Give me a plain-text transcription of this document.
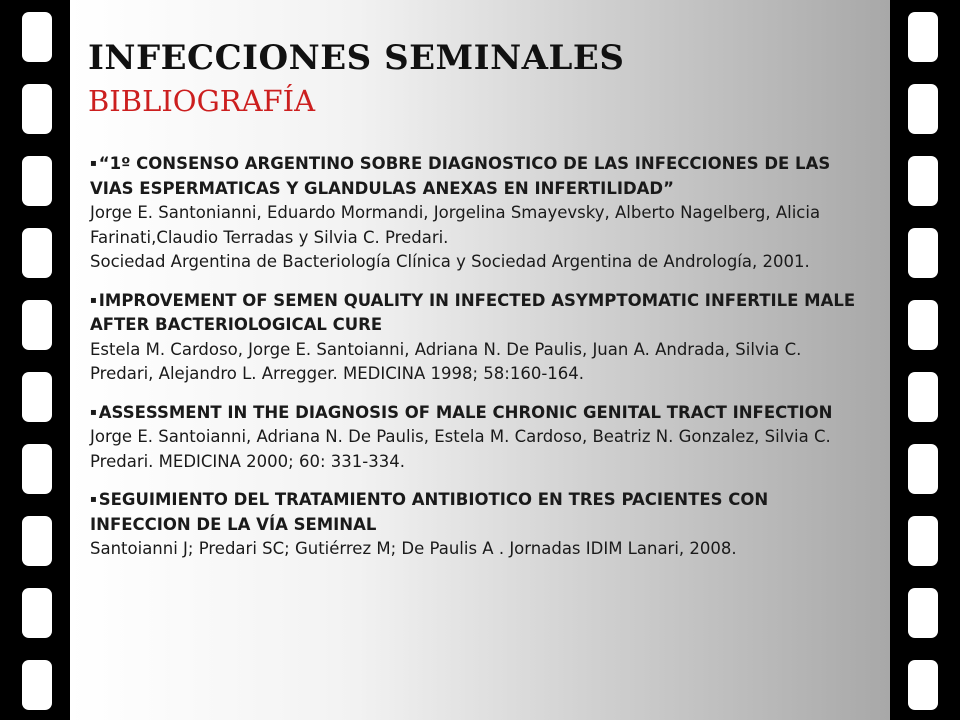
INFECCIONES SEMINALES
BIBLIOGRAFÍA
▪ “1º CONSENSO ARGENTINO SOBRE DIAGNOSTICO DE LAS INFECCIONES DE LAS VIAS ESPERMATICAS Y GLANDULAS ANEXAS EN INFERTILIDAD”
Jorge E. Santonianni, Eduardo Mormandi, Jorgelina Smayevsky, Alberto Nagelberg, Alicia Farinati,Claudio Terradas y Silvia C. Predari.
Sociedad Argentina de Bacteriología Clínica y Sociedad Argentina de Andrología, 2001.
▪ IMPROVEMENT OF SEMEN QUALITY IN INFECTED ASYMPTOMATIC INFERTILE MALE AFTER BACTERIOLOGICAL CURE
Estela M. Cardoso, Jorge E. Santoianni, Adriana N. De Paulis, Juan A. Andrada, Silvia C. Predari, Alejandro L. Arregger. MEDICINA 1998; 58:160-164.
▪ ASSESSMENT IN THE DIAGNOSIS OF MALE CHRONIC GENITAL TRACT INFECTION
Jorge E. Santoianni, Adriana N. De Paulis, Estela M. Cardoso, Beatriz N. Gonzalez, Silvia C. Predari. MEDICINA 2000; 60: 331-334.
▪ SEGUIMIENTO DEL TRATAMIENTO ANTIBIOTICO EN TRES PACIENTES CON INFECCION DE LA VÍA SEMINAL
Santoianni J; Predari SC; Gutiérrez M; De Paulis A . Jornadas IDIM Lanari, 2008.
